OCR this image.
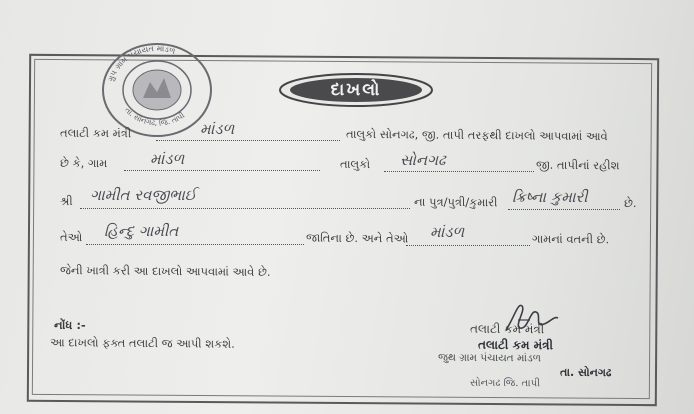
ગ્રુપ ગ્રામ પંચાયત માંડળ
તા. સોનગઢ, જિ. તાપી
દાખલો
તલાટી કમ મંત્રી	માંડળ	તાલુકો સોનગઢ, જી. તાપી તરફથી દાખલો આપવામાં આવે
છે કે, ગામ	માંડળ	તાલુકો સોનગઢ	જી. તાપીનાં રહીશ
શ્રી ગામીત રવજીભાઈ	ના પુત્ર/પુત્રી/કુમારી ક્રિષ્ના કુમારી	છે.
તેઓ હિન્દુ ગામીત	જાતિના છે. અને તેઓ માંડળ	ગામનાં વતની છે.
જેની ખાત્રી કરી આ દાખલો આપવામાં આવે છે.
નોંધ :-
આ દાખલો ફક્ત તલાટી જ આપી શકશે.
તલાટી કમ મંત્રી
તલાટી કમ મંત્રી
જુથ ગ્રામ પંચાયત માંડળ
તા. સોનગઢ
સોનગઢ જિ. તાપી
